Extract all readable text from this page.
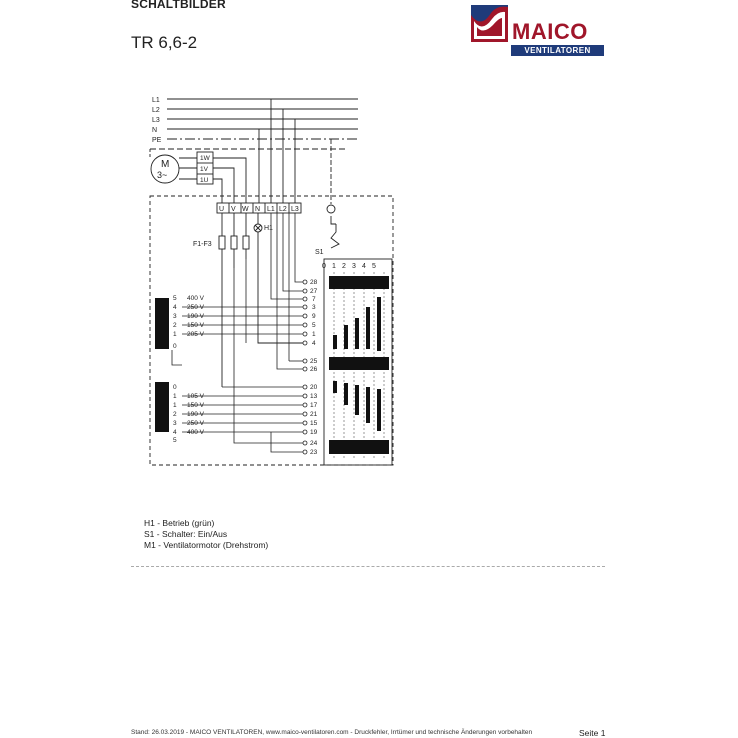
SCHALTBILDER
TR 6,6-2	MAICO
VENTILATOREN
L1
L2
L3
N
PE
M
3~
1W
1V
1U
U V W N L1 L2 L3
F1-F3
H1
S1
0 1 2 3 4 5
28
27
7
3
9
5
1
4
25
26
20
13
17
21
15
19
24
23
5 400 V
4 250 V
3 190 V
2 150 V
1 205 V
0
0
1 105 V
1 150 V
2 190 V
3 250 V
4 400 V
5
H1 - Betrieb (grün)
S1 - Schalter: Ein/Aus
M1 - Ventilatormotor (Drehstrom)
Stand: 26.03.2019 - MAICO VENTILATOREN, www.maico-ventilatoren.com - Druckfehler, Irrtümer und technische Änderungen vorbehalten	Seite 1
